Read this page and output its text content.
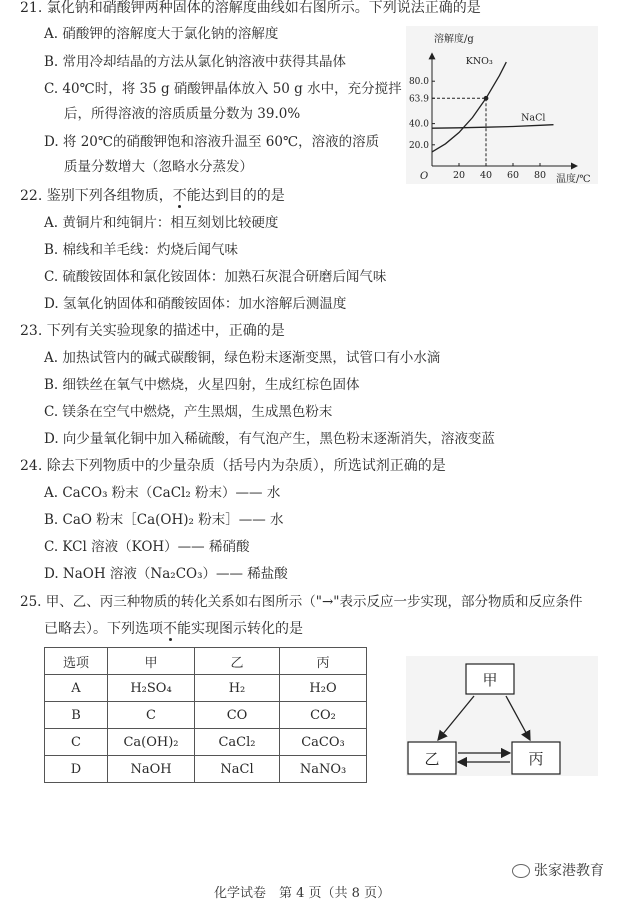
21. 氯化钠和硝酸钾两种固体的溶解度曲线如右图所示。下列说法正确的是
A. 硝酸钾的溶解度大于氯化钠的溶解度
B. 常用冷却结晶的方法从氯化钠溶液中获得其晶体
C. 40℃时，将 35 g 硝酸钾晶体放入 50 g 水中，充分搅拌
后，所得溶液的溶质质量分数为 39.0%
D. 将 20℃的硝酸钾饱和溶液升温至 60℃，溶液的溶质
质量分数增大（忽略水分蒸发）
溶解度/g
温度/℃
O	20 40 60 80
20.0
40.0
63.9
80.0
KNO₃
NaCl
22. 鉴别下列各组物质，不能达到目的的是
A. 黄铜片和纯铜片：相互刻划比较硬度
B. 棉线和羊毛线：灼烧后闻气味
C. 硫酸铵固体和氯化铵固体：加熟石灰混合研磨后闻气味
D. 氢氧化钠固体和硝酸铵固体：加水溶解后测温度
23. 下列有关实验现象的描述中，正确的是
A. 加热试管内的碱式碳酸铜，绿色粉末逐渐变黑，试管口有小水滴
B. 细铁丝在氧气中燃烧，火星四射，生成红棕色固体
C. 镁条在空气中燃烧，产生黑烟，生成黑色粉末
D. 向少量氧化铜中加入稀硫酸，有气泡产生，黑色粉末逐渐消失，溶液变蓝
24. 除去下列物质中的少量杂质（括号内为杂质），所选试剂正确的是
A. CaCO₃ 粉末（CaCl₂ 粉末）—— 水
B. CaO 粉末［Ca(OH)₂ 粉末］—— 水
C. KCl 溶液（KOH）—— 稀硝酸
D. NaOH 溶液（Na₂CO₃）—— 稀盐酸
25. 甲、乙、丙三种物质的转化关系如右图所示（"→"表示反应一步实现，部分物质和反应条件
已略去）。下列选项不能实现图示转化的是
选项	甲	乙	丙
A	H₂SO₄	H₂	H₂O
B	C	CO	CO₂
C	Ca(OH)₂	CaCl₂	CaCO₃
D	NaOH	NaCl	NaNO₃
甲
乙	丙
张家港教育
化学试卷　第 4 页（共 8 页）
